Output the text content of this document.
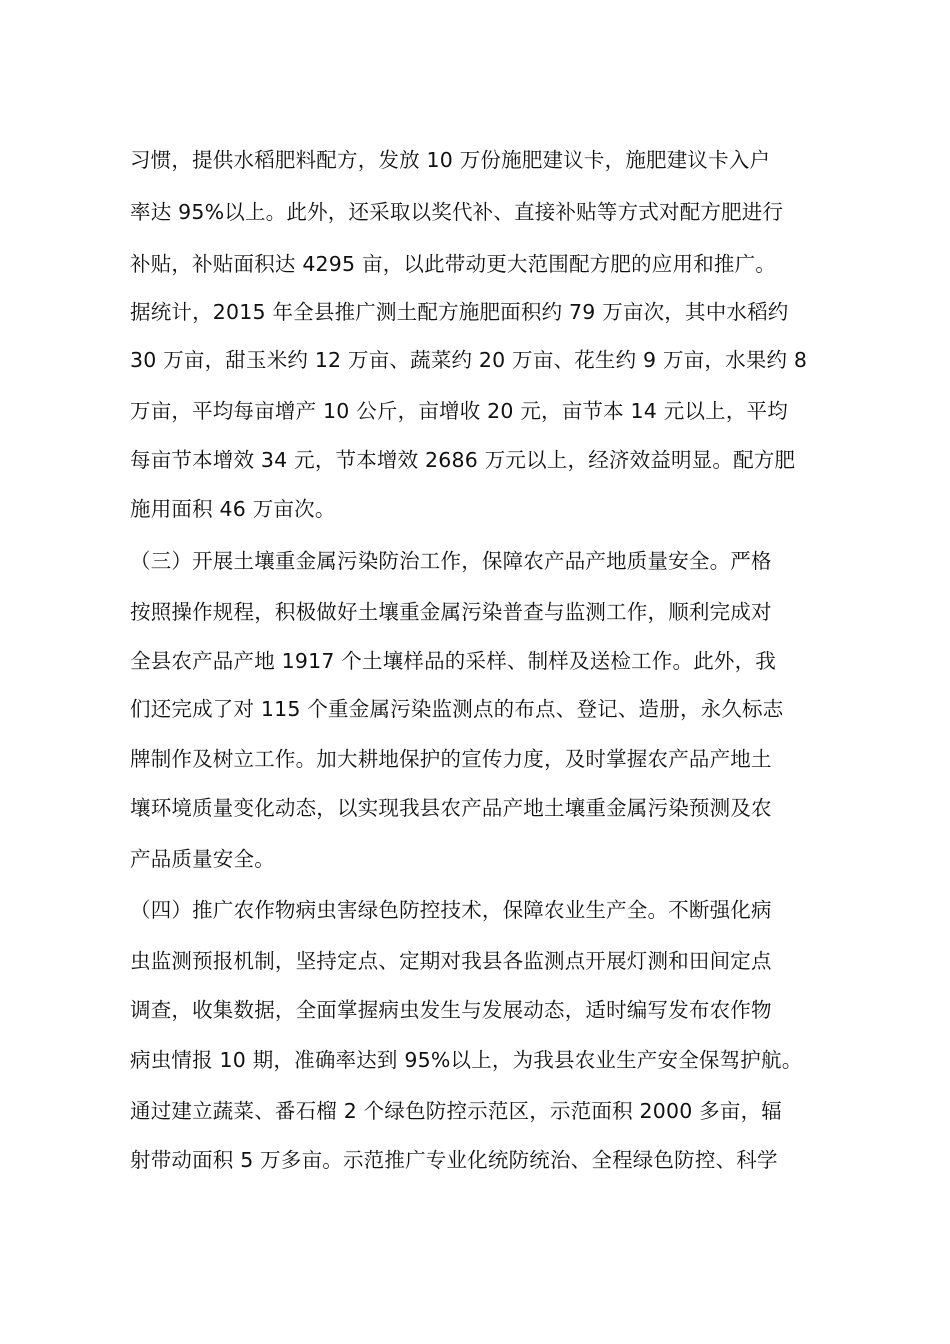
习惯，提供水稻肥料配方，发放 10 万份施肥建议卡，施肥建议卡入户
率达 95%以上。此外，还采取以奖代补、直接补贴等方式对配方肥进行
补贴，补贴面积达 4295 亩，以此带动更大范围配方肥的应用和推广。
据统计，2015 年全县推广测土配方施肥面积约 79 万亩次，其中水稻约
30 万亩，甜玉米约 12 万亩、蔬菜约 20 万亩、花生约 9 万亩，水果约 8
万亩，平均每亩增产 10 公斤，亩增收 20 元，亩节本 14 元以上，平均
每亩节本增效 34 元，节本增效 2686 万元以上，经济效益明显。配方肥
施用面积 46 万亩次。
（三）开展土壤重金属污染防治工作，保障农产品产地质量安全。严格
按照操作规程，积极做好土壤重金属污染普查与监测工作，顺利完成对
全县农产品产地 1917 个土壤样品的采样、制样及送检工作。此外，我
们还完成了对 115 个重金属污染监测点的布点、登记、造册，永久标志
牌制作及树立工作。加大耕地保护的宣传力度，及时掌握农产品产地土
壤环境质量变化动态，以实现我县农产品产地土壤重金属污染预测及农
产品质量安全。
（四）推广农作物病虫害绿色防控技术，保障农业生产全。不断强化病
虫监测预报机制，坚持定点、定期对我县各监测点开展灯测和田间定点
调查，收集数据，全面掌握病虫发生与发展动态，适时编写发布农作物
病虫情报 10 期，准确率达到 95%以上，为我县农业生产安全保驾护航。
通过建立蔬菜、番石榴 2 个绿色防控示范区，示范面积 2000 多亩，辐
射带动面积 5 万多亩。示范推广专业化统防统治、全程绿色防控、科学
